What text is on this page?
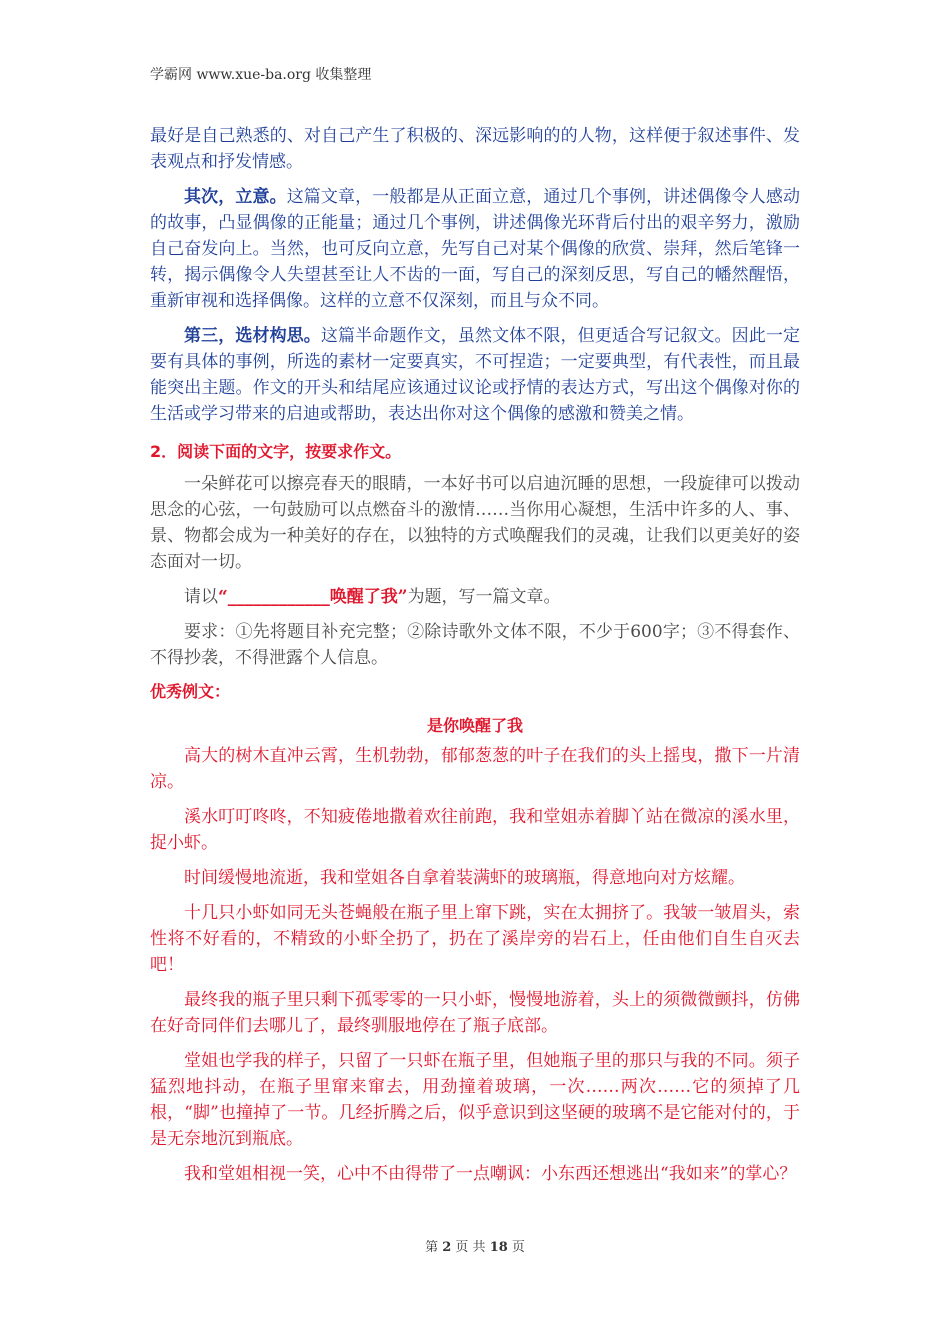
学霸网 www.xue-ba.org 收集整理

最好是自己熟悉的、对自己产生了积极的、深远影响的的人物，这样便于叙述事件、发表观点和抒发情感。

其次，立意。这篇文章，一般都是从正面立意，通过几个事例，讲述偶像令人感动的故事，凸显偶像的正能量；通过几个事例，讲述偶像光环背后付出的艰辛努力，激励自己奋发向上。当然，也可反向立意，先写自己对某个偶像的欣赏、崇拜，然后笔锋一转，揭示偶像令人失望甚至让人不齿的一面，写自己的深刻反思，写自己的幡然醒悟，重新审视和选择偶像。这样的立意不仅深刻，而且与众不同。

第三，选材构思。这篇半命题作文，虽然文体不限，但更适合写记叙文。因此一定要有具体的事例，所选的素材一定要真实，不可捏造；一定要典型，有代表性，而且最能突出主题。作文的开头和结尾应该通过议论或抒情的表达方式，写出这个偶像对你的生活或学习带来的启迪或帮助，表达出你对这个偶像的感激和赞美之情。

2．阅读下面的文字，按要求作文。

一朵鲜花可以擦亮春天的眼睛，一本好书可以启迪沉睡的思想，一段旋律可以拨动思念的心弦，一句鼓励可以点燃奋斗的激情……当你用心凝想，生活中许多的人、事、景、物都会成为一种美好的存在，以独特的方式唤醒我们的灵魂，让我们以更美好的姿态面对一切。

请以“____________唤醒了我”为题，写一篇文章。

要求：①先将题目补充完整；②除诗歌外文体不限，不少于600字；③不得套作、不得抄袭，不得泄露个人信息。

优秀例文：

是你唤醒了我

高大的树木直冲云霄，生机勃勃，郁郁葱葱的叶子在我们的头上摇曳，撒下一片清凉。

溪水叮叮咚咚，不知疲倦地撒着欢往前跑，我和堂姐赤着脚丫站在微凉的溪水里，捉小虾。

时间缓慢地流逝，我和堂姐各自拿着装满虾的玻璃瓶，得意地向对方炫耀。

十几只小虾如同无头苍蝇般在瓶子里上窜下跳，实在太拥挤了。我皱一皱眉头，索性将不好看的，不精致的小虾全扔了，扔在了溪岸旁的岩石上，任由他们自生自灭去吧！

最终我的瓶子里只剩下孤零零的一只小虾，慢慢地游着，头上的须微微颤抖，仿佛在好奇同伴们去哪儿了，最终驯服地停在了瓶子底部。

堂姐也学我的样子，只留了一只虾在瓶子里，但她瓶子里的那只与我的不同。须子猛烈地抖动，在瓶子里窜来窜去，用劲撞着玻璃，一次……两次……它的须掉了几根，“脚”也撞掉了一节。几经折腾之后，似乎意识到这坚硬的玻璃不是它能对付的，于是无奈地沉到瓶底。

我和堂姐相视一笑，心中不由得带了一点嘲讽：小东西还想逃出“我如来”的掌心？

第 2 页 共 18 页
